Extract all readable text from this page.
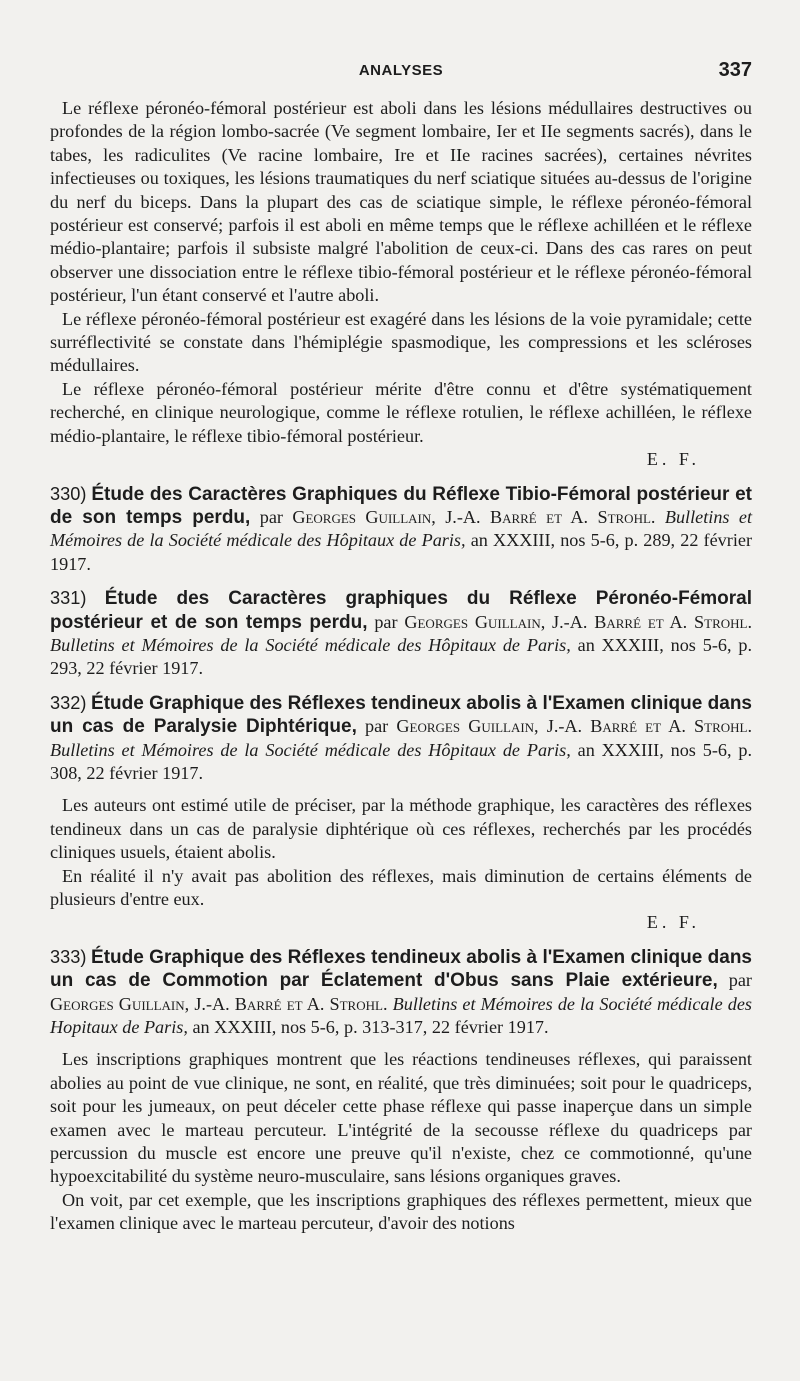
ANALYSES	337

Le réflexe péronéo-fémoral postérieur est aboli dans les lésions médullaires destructives ou profondes de la région lombo-sacrée (Ve segment lombaire, Ier et IIe segments sacrés), dans le tabes, les radiculites (Ve racine lombaire, Ire et IIe racines sacrées), certaines névrites infectieuses ou toxiques, les lésions traumatiques du nerf sciatique situées au-dessus de l'origine du nerf du biceps. Dans la plupart des cas de sciatique simple, le réflexe péronéo-fémoral postérieur est conservé; parfois il est aboli en même temps que le réflexe achilléen et le réflexe médio-plantaire; parfois il subsiste malgré l'abolition de ceux-ci. Dans des cas rares on peut observer une dissociation entre le réflexe tibio-fémoral postérieur et le réflexe péronéo-fémoral postérieur, l'un étant conservé et l'autre aboli.

Le réflexe péronéo-fémoral postérieur est exagéré dans les lésions de la voie pyramidale; cette surréflectivité se constate dans l'hémiplégie spasmodique, les compressions et les scléroses médullaires.

Le réflexe péronéo-fémoral postérieur mérite d'être connu et d'être systématiquement recherché, en clinique neurologique, comme le réflexe rotulien, le réflexe achilléen, le réflexe médio-plantaire, le réflexe tibio-fémoral postérieur.

E. F.
330) Étude des Caractères Graphiques du Réflexe Tibio-Fémoral postérieur et de son temps perdu, par Georges Guillain, J.-A. Barré et A. Strohl. Bulletins et Mémoires de la Société médicale des Hôpitaux de Paris, an XXXIII, nos 5-6, p. 289, 22 février 1917.
331) Étude des Caractères graphiques du Réflexe Péronéo-Fémoral postérieur et de son temps perdu, par Georges Guillain, J.-A. Barré et A. Strohl. Bulletins et Mémoires de la Société médicale des Hôpitaux de Paris, an XXXIII, nos 5-6, p. 293, 22 février 1917.
332) Étude Graphique des Réflexes tendineux abolis à l'Examen clinique dans un cas de Paralysie Diphtérique, par Georges Guillain, J.-A. Barré et A. Strohl. Bulletins et Mémoires de la Société médicale des Hôpitaux de Paris, an XXXIII, nos 5-6, p. 308, 22 février 1917.

Les auteurs ont estimé utile de préciser, par la méthode graphique, les caractères des réflexes tendineux dans un cas de paralysie diphtérique où ces réflexes, recherchés par les procédés cliniques usuels, étaient abolis.

En réalité il n'y avait pas abolition des réflexes, mais diminution de certains éléments de plusieurs d'entre eux.

E. F.
333) Étude Graphique des Réflexes tendineux abolis à l'Examen clinique dans un cas de Commotion par Éclatement d'Obus sans Plaie extérieure, par Georges Guillain, J.-A. Barré et A. Strohl. Bulletins et Mémoires de la Société médicale des Hopitaux de Paris, an XXXIII, nos 5-6, p. 313-317, 22 février 1917.

Les inscriptions graphiques montrent que les réactions tendineuses réflexes, qui paraissent abolies au point de vue clinique, ne sont, en réalité, que très diminuées; soit pour le quadriceps, soit pour les jumeaux, on peut déceler cette phase réflexe qui passe inaperçue dans un simple examen avec le marteau percuteur. L'intégrité de la secousse réflexe du quadriceps par percussion du muscle est encore une preuve qu'il n'existe, chez ce commotionné, qu'une hypoexcitabilité du système neuro-musculaire, sans lésions organiques graves.

On voit, par cet exemple, que les inscriptions graphiques des réflexes permettent, mieux que l'examen clinique avec le marteau percuteur, d'avoir des notions
